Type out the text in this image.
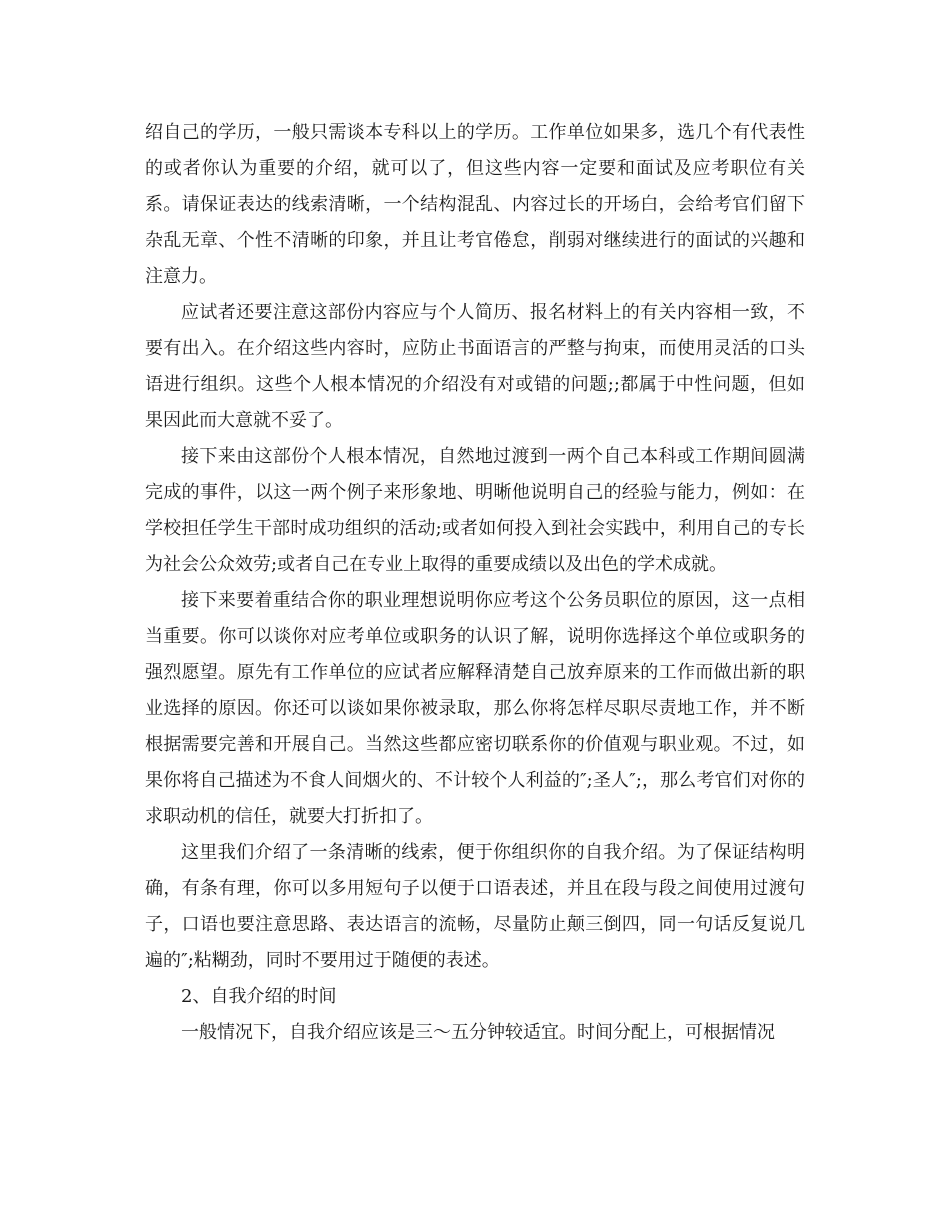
绍自己的学历，一般只需谈本专科以上的学历。工作单位如果多，选几个有代表性的或者你认为重要的介绍，就可以了，但这些内容一定要和面试及应考职位有关系。请保证表达的线索清晰，一个结构混乱、内容过长的开场白，会给考官们留下杂乱无章、个性不清晰的印象，并且让考官倦怠，削弱对继续进行的面试的兴趣和注意力。

应试者还要注意这部份内容应与个人简历、报名材料上的有关内容相一致，不要有出入。在介绍这些内容时，应防止书面语言的严整与拘束，而使用灵活的口头语进行组织。这些个人根本情况的介绍没有对或错的问题;;都属于中性问题，但如果因此而大意就不妥了。

接下来由这部份个人根本情况，自然地过渡到一两个自己本科或工作期间圆满完成的事件，以这一两个例子来形象地、明晰他说明自己的经验与能力，例如：在学校担任学生干部时成功组织的活动;或者如何投入到社会实践中，利用自己的专长为社会公众效劳;或者自己在专业上取得的重要成绩以及出色的学术成就。

接下来要着重结合你的职业理想说明你应考这个公务员职位的原因，这一点相当重要。你可以谈你对应考单位或职务的认识了解，说明你选择这个单位或职务的强烈愿望。原先有工作单位的应试者应解释清楚自己放弃原来的工作而做出新的职业选择的原因。你还可以谈如果你被录取，那么你将怎样尽职尽责地工作，并不断根据需要完善和开展自己。当然这些都应密切联系你的价值观与职业观。不过，如果你将自己描述为不食人间烟火的、不计较个人利益的″;圣人″;，那么考官们对你的求职动机的信任，就要大打折扣了。

这里我们介绍了一条清晰的线索，便于你组织你的自我介绍。为了保证结构明确，有条有理，你可以多用短句子以便于口语表述，并且在段与段之间使用过渡句子，口语也要注意思路、表达语言的流畅，尽量防止颠三倒四，同一句话反复说几遍的″;粘糊劲，同时不要用过于随便的表述。

2、自我介绍的时间

一般情况下，自我介绍应该是三～五分钟较适宜。时间分配上，可根据情况
